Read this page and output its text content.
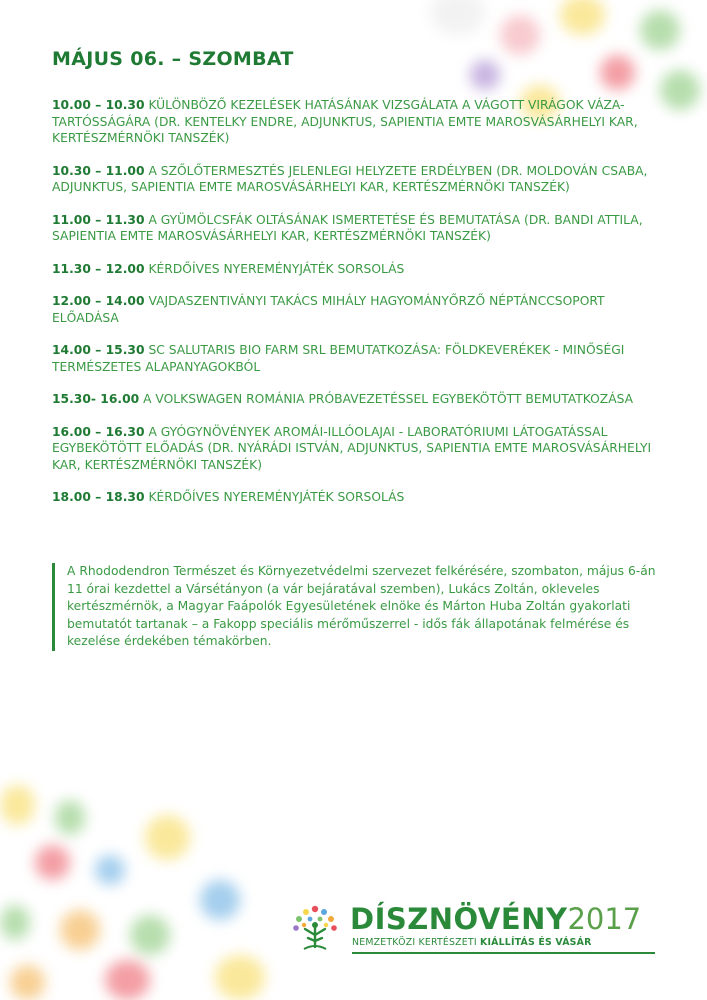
MÁJUS 06. – SZOMBAT
10.00 – 10.30 KÜLÖNBÖZŐ KEZELÉSEK HATÁSÁNAK VIZSGÁLATA A VÁGOTT VIRÁGOK VÁZA-TARTÓSSÁGÁRA (DR. KENTELKY ENDRE, ADJUNKTUS, SAPIENTIA EMTE MAROSVÁSÁRHELYI KAR, KERTÉSZMÉRNÖKI TANSZÉK)
10.30 – 11.00 A SZŐLŐTERMESZTÉS JELENLEGI HELYZETE ERDÉLYBEN (DR. MOLDOVÁN CSABA, ADJUNKTUS, SAPIENTIA EMTE MAROSVÁSÁRHELYI KAR, KERTÉSZMÉRNÖKI TANSZÉK)
11.00 – 11.30 A GYÜMÖLCSFÁK OLTÁSÁNAK ISMERTETÉSE ÉS BEMUTATÁSA (DR. BANDI ATTILA, SAPIENTIA EMTE MAROSVÁSÁRHELYI KAR, KERTÉSZMÉRNÖKI TANSZÉK)
11.30 – 12.00 KÉRDŐÍVES NYEREMÉNYJÁTÉK SORSOLÁS
12.00 – 14.00 VAJDASZENTIVÁNYI TAKÁCS MIHÁLY HAGYOMÁNYŐRZŐ NÉPTÁNCCSOPORT ELŐADÁSA
14.00 – 15.30 SC SALUTARIS BIO FARM SRL BEMUTATKOZÁSA: FÖLDKEVERÉKEK - MINŐSÉGI TERMÉSZETES ALAPANYAGOKBÓL
15.30- 16.00 A VOLKSWAGEN ROMÁNIA PRÓBAVEZETÉSSEL EGYBEKÖTÖTT BEMUTATKOZÁSA
16.00 – 16.30 A GYÓGYNÖVÉNYEK AROMÁI-ILLÓOLAJAI - LABORATÓRIUMI LÁTOGATÁSSAL EGYBEKÖTÖTT ELŐADÁS (DR. NYÁRÁDI ISTVÁN, ADJUNKTUS, SAPIENTIA EMTE MAROSVÁSÁRHELYI KAR, KERTÉSZMÉRNÖKI TANSZÉK)
18.00 – 18.30 KÉRDŐÍVES NYEREMÉNYJÁTÉK SORSOLÁS
A Rhododendron Természet és Környezetvédelmi szervezet felkérésére, szombaton, május 6-án 11 órai kezdettel a Vársétányon (a vár bejáratával szemben), Lukács Zoltán, okleveles kertészmérnök, a Magyar Faápolók Egyesületének elnöke és Márton Huba Zoltán gyakorlati bemutatót tartanak – a Fakopp speciális mérőműszerrel - idős fák állapotának felmérése és kezelése érdekében témakörben.
DÍSZNÖVÉNY2017
NEMZETKÖZI KERTÉSZETI KIÁLLÍTÁS ÉS VÁSÁR
